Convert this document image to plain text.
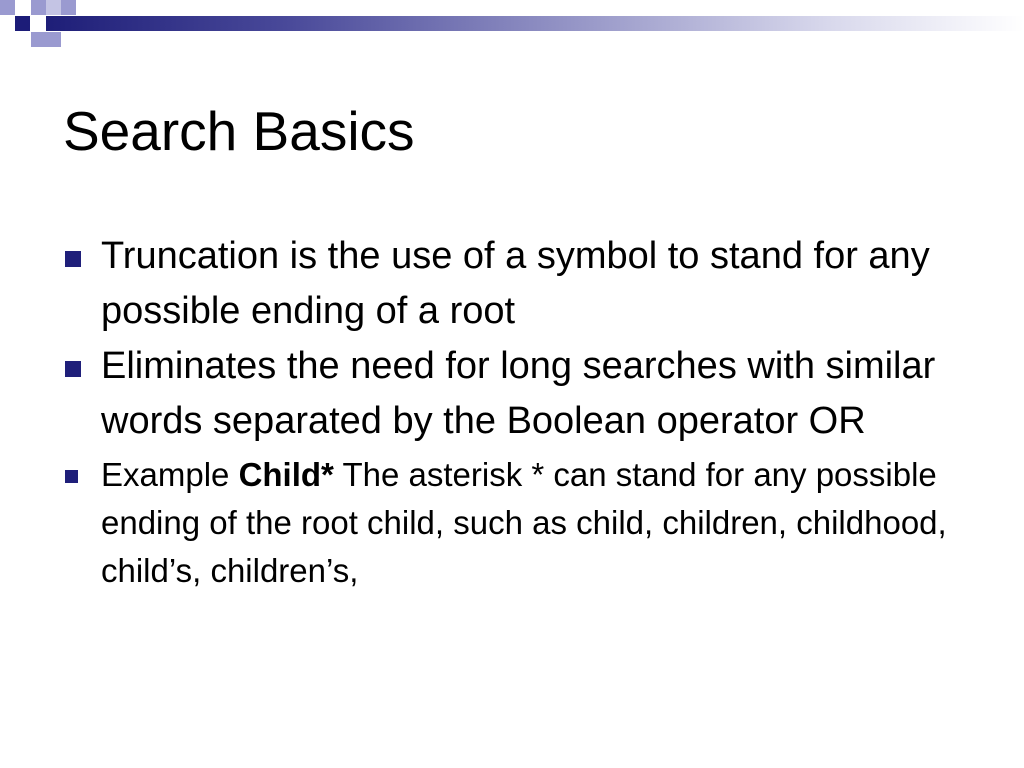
Search Basics
Truncation is the use of a symbol to stand for any possible ending of a root
Eliminates the need for long searches with similar words separated by the Boolean operator OR
Example Child* The asterisk * can stand for any possible ending of the root child, such as child, children, childhood, child’s, children’s,
